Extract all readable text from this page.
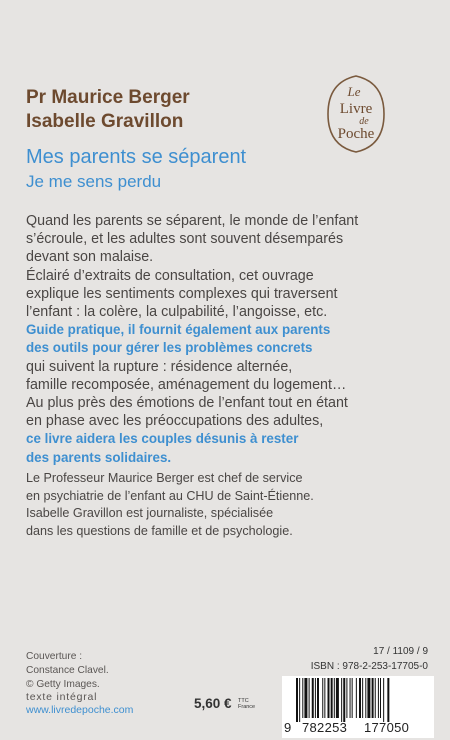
Pr Maurice Berger
Isabelle Gravillon
Le
Livre
de
Poche
Mes parents se séparent
Je me sens perdu
Quand les parents se séparent, le monde de l’enfant
s’écroule, et les adultes sont souvent désemparés
devant son malaise.
Éclairé d’extraits de consultation, cet ouvrage
explique les sentiments complexes qui traversent
l’enfant : la colère, la culpabilité, l’angoisse, etc.
Guide pratique, il fournit également aux parents
des outils pour gérer les problèmes concrets
qui suivent la rupture : résidence alternée,
famille recomposée, aménagement du logement…
Au plus près des émotions de l’enfant tout en étant
en phase avec les préoccupations des adultes,
ce livre aidera les couples désunis à rester
des parents solidaires.
Le Professeur Maurice Berger est chef de service
en psychiatrie de l’enfant au CHU de Saint-Étienne.
Isabelle Gravillon est journaliste, spécialisée
dans les questions de famille et de psychologie.
Couverture :
Constance Clavel.
© Getty Images.
texte intégral
www.livredepoche.com	5,60 € TTC
France
17 / 1109 / 9
ISBN : 978-2-253-17705-0
9 782253 177050
